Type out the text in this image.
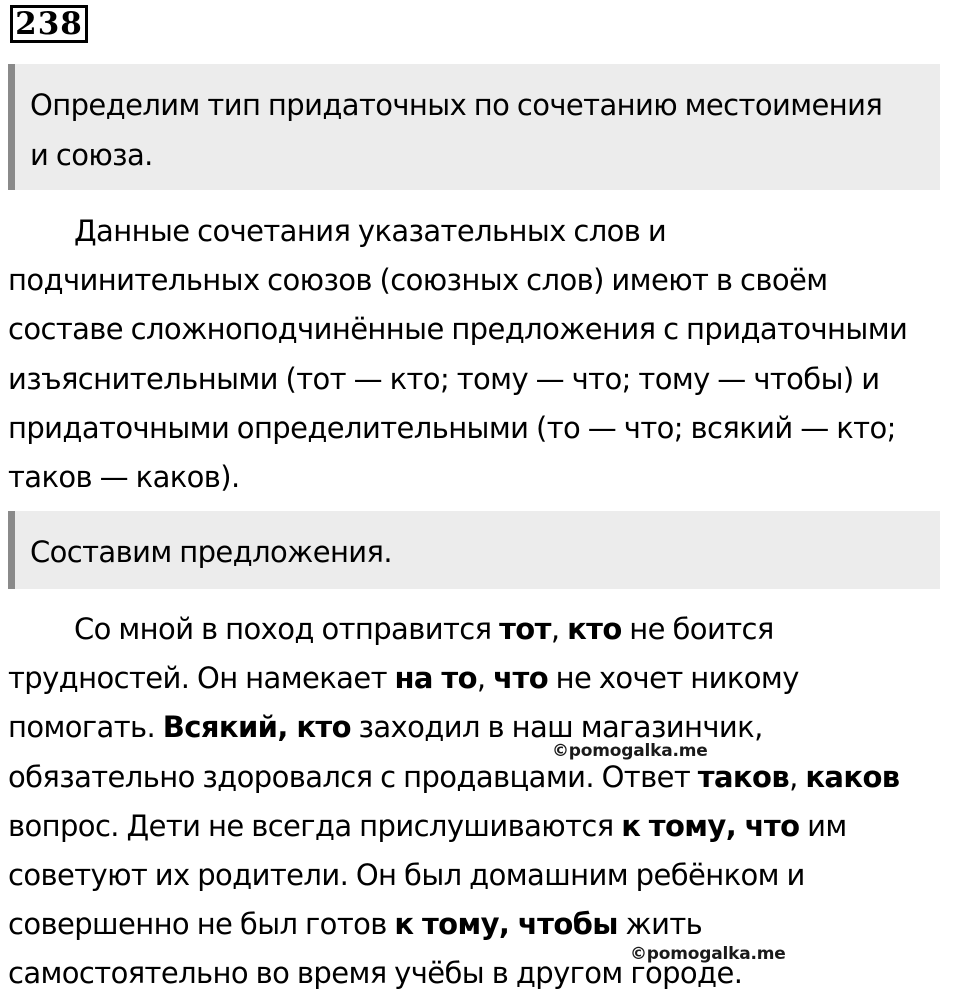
238
Определим тип придаточных по сочетанию местоимения
и союза.
Данные сочетания указательных слов и
подчинительных союзов (союзных слов) имеют в своём
составе сложноподчинённые предложения с придаточными
изъяснительными (тот — кто; тому — что; тому — чтобы) и
придаточными определительными (то — что; всякий — кто;
таков — каков).
Составим предложения.
Со мной в поход отправится тот, кто не боится
трудностей. Он намекает на то, что не хочет никому
помогать. Всякий, кто заходил в наш магазинчик,
обязательно здоровался с продавцами. Ответ таков, каков
вопрос. Дети не всегда прислушиваются к тому, что им
советуют их родители. Он был домашним ребёнком и
совершенно не был готов к тому, чтобы жить
самостоятельно во время учёбы в другом городе.
©pomogalka.me
©pomogalka.me
